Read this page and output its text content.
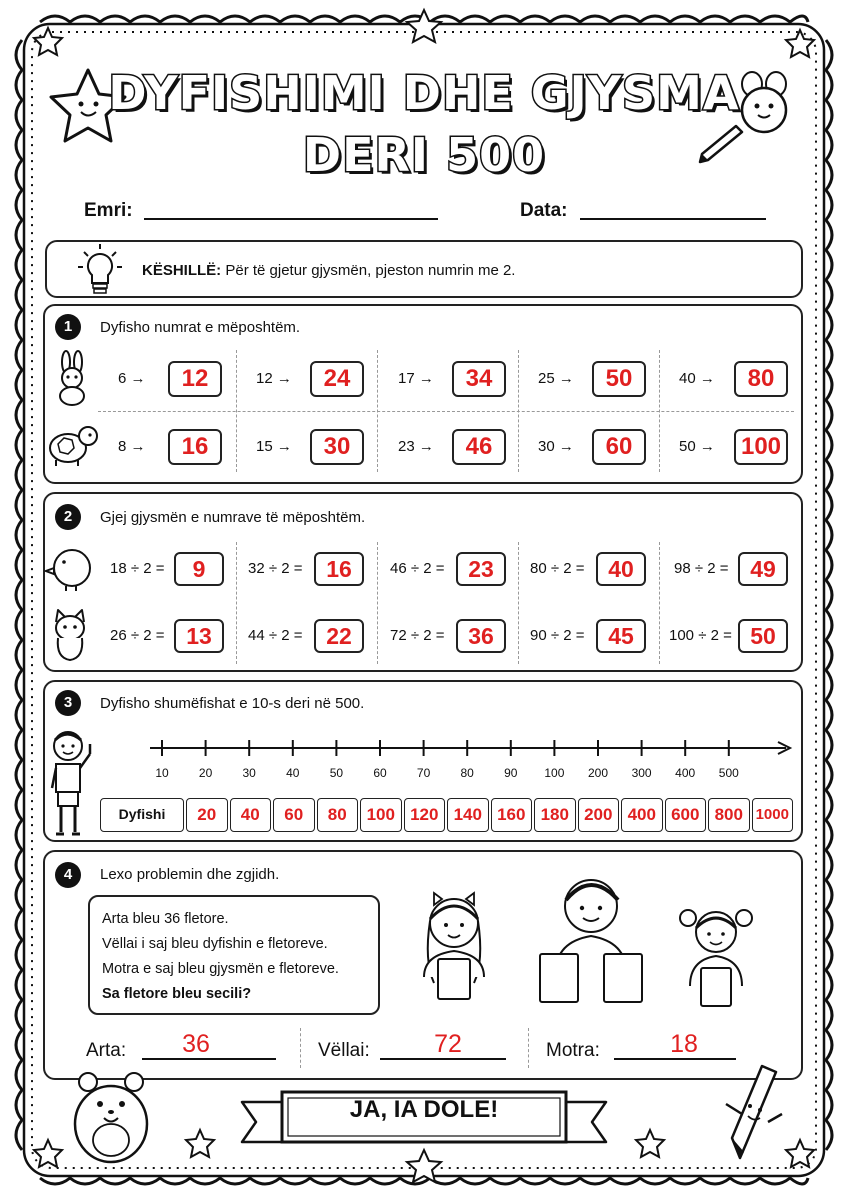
DYFISHIMI DHE GJYSMA
DERI 500
Emri:	Data:
KËSHILLË: Për të gjetur gjysmën, pjeston numrin me 2.
1	Dyfisho numrat e mëposhtëm.
6 →	12	12 →	24	17 →	34	25 →	50	40 →	80
8 →	16	15 →	30	23 →	46	30 →	60	50 → 100
2	Gjej gjysmën e numrave të mëposhtëm.
18 ÷ 2 =	9	32 ÷ 2 =	16	46 ÷ 2 =	23	80 ÷ 2 =	40	98 ÷ 2 = 49
26 ÷ 2 = 13	44 ÷ 2 =	22	72 ÷ 2 =	36	90 ÷ 2 =	45	100 ÷ 2 = 50
3	Dyfisho shumëfishat e 10-s deri në 500.
10	20	30	40	50	60	70	80	90	100	200	300	400	500
Dyfishi	20	40	60	80	100 120 140 160 180 200 400 600 800 1000
4	Lexo problemin dhe zgjidh.
Arta bleu 36 fletore.
Vëllai i saj bleu dyfishin e fletoreve.
Motra e saj bleu gjysmën e fletoreve.
Sa fletore bleu secili?
Arta:	36	Vëllai:	72	Motra:	18
JA, IA DOLE!
